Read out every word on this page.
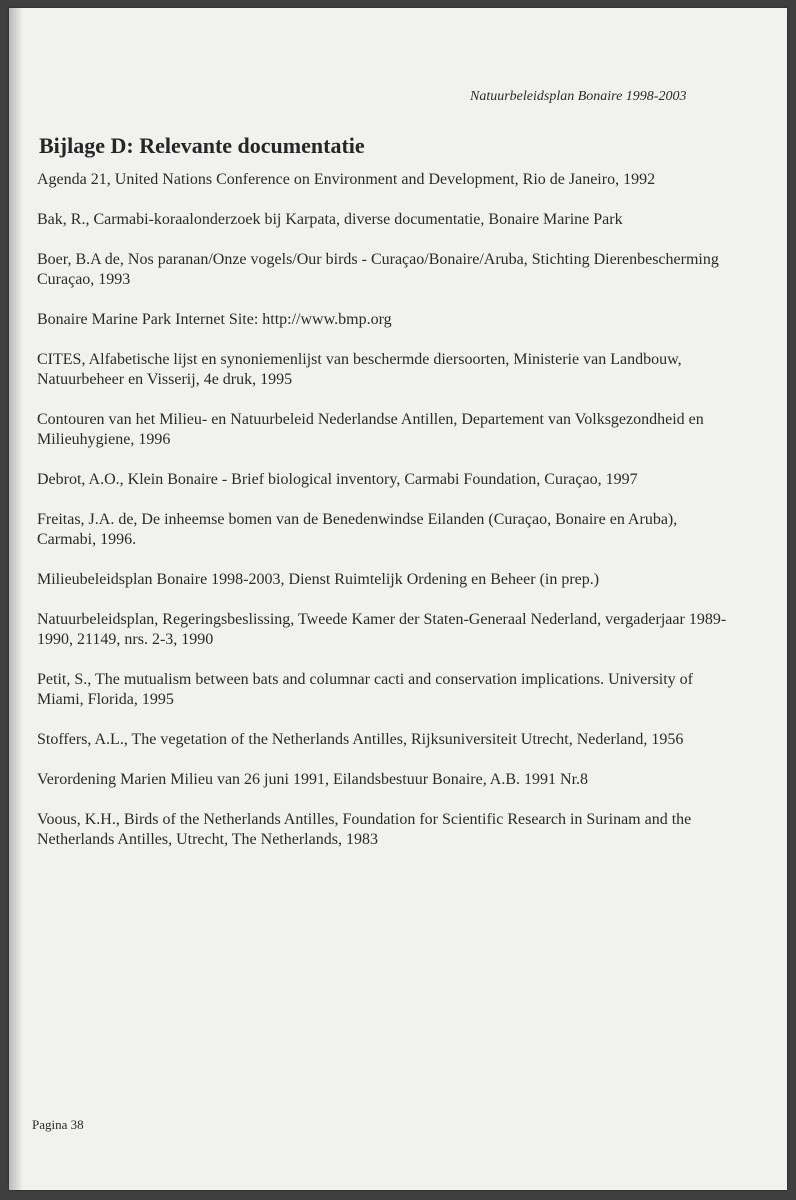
Natuurbeleidsplan Bonaire 1998-2003
Bijlage D: Relevante documentatie
Agenda 21, United Nations Conference on Environment and Development, Rio de Janeiro, 1992
Bak, R., Carmabi-koraalonderzoek bij Karpata, diverse documentatie, Bonaire Marine Park
Boer, B.A de, Nos paranan/Onze vogels/Our birds - Curaçao/Bonaire/Aruba, Stichting Dierenbescherming Curaçao, 1993
Bonaire Marine Park Internet Site: http://www.bmp.org
CITES, Alfabetische lijst en synoniemenlijst van beschermde diersoorten, Ministerie van Landbouw, Natuurbeheer en Visserij, 4e druk, 1995
Contouren van het Milieu- en Natuurbeleid Nederlandse Antillen, Departement van Volksgezondheid en Milieuhygiene, 1996
Debrot, A.O., Klein Bonaire - Brief biological inventory, Carmabi Foundation, Curaçao, 1997
Freitas, J.A. de, De inheemse bomen van de Benedenwindse Eilanden (Curaçao, Bonaire en Aruba), Carmabi, 1996.
Milieubeleidsplan Bonaire 1998-2003, Dienst Ruimtelijk Ordening en Beheer (in prep.)
Natuurbeleidsplan, Regeringsbeslissing, Tweede Kamer der Staten-Generaal Nederland, vergaderjaar 1989-1990, 21149, nrs. 2-3, 1990
Petit, S., The mutualism between bats and columnar cacti and conservation implications. University of Miami, Florida, 1995
Stoffers, A.L., The vegetation of the Netherlands Antilles, Rijksuniversiteit Utrecht, Nederland, 1956
Verordening Marien Milieu van 26 juni 1991, Eilandsbestuur Bonaire, A.B. 1991 Nr.8
Voous, K.H., Birds of the Netherlands Antilles, Foundation for Scientific Research in Surinam and the Netherlands Antilles, Utrecht, The Netherlands, 1983
Pagina 38
